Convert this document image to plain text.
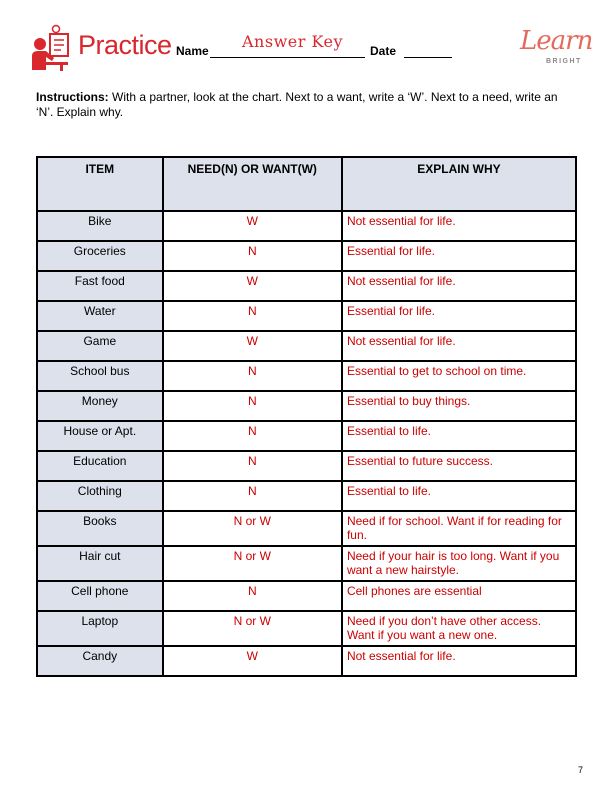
Practice Name Answer Key Date	Learn
BRIGHT
Instructions: With a partner, look at the chart. Next to a want, write a ‘W’. Next to a need, write an ‘N’. Explain why.
ITEM	NEED(N) OR WANT(W)	EXPLAIN WHY
Bike	W	Not essential for life.
Groceries	N	Essential for life.
Fast food	W	Not essential for life.
Water	N	Essential for life.
Game	W	Not essential for life.
School bus	N	Essential to get to school on time.
Money	N	Essential to buy things.
House or Apt.	N	Essential to life.
Education	N	Essential to future success.
Clothing	N	Essential to life.
Books	N or W	Need if for school. Want if for reading for fun.
Hair cut	N or W	Need if your hair is too long. Want if you want a new hairstyle.
Cell phone	N	Cell phones are essential
Laptop	N or W	Need if you don’t have other access. Want if you want a new one.
Candy	W	Not essential for life.
7
